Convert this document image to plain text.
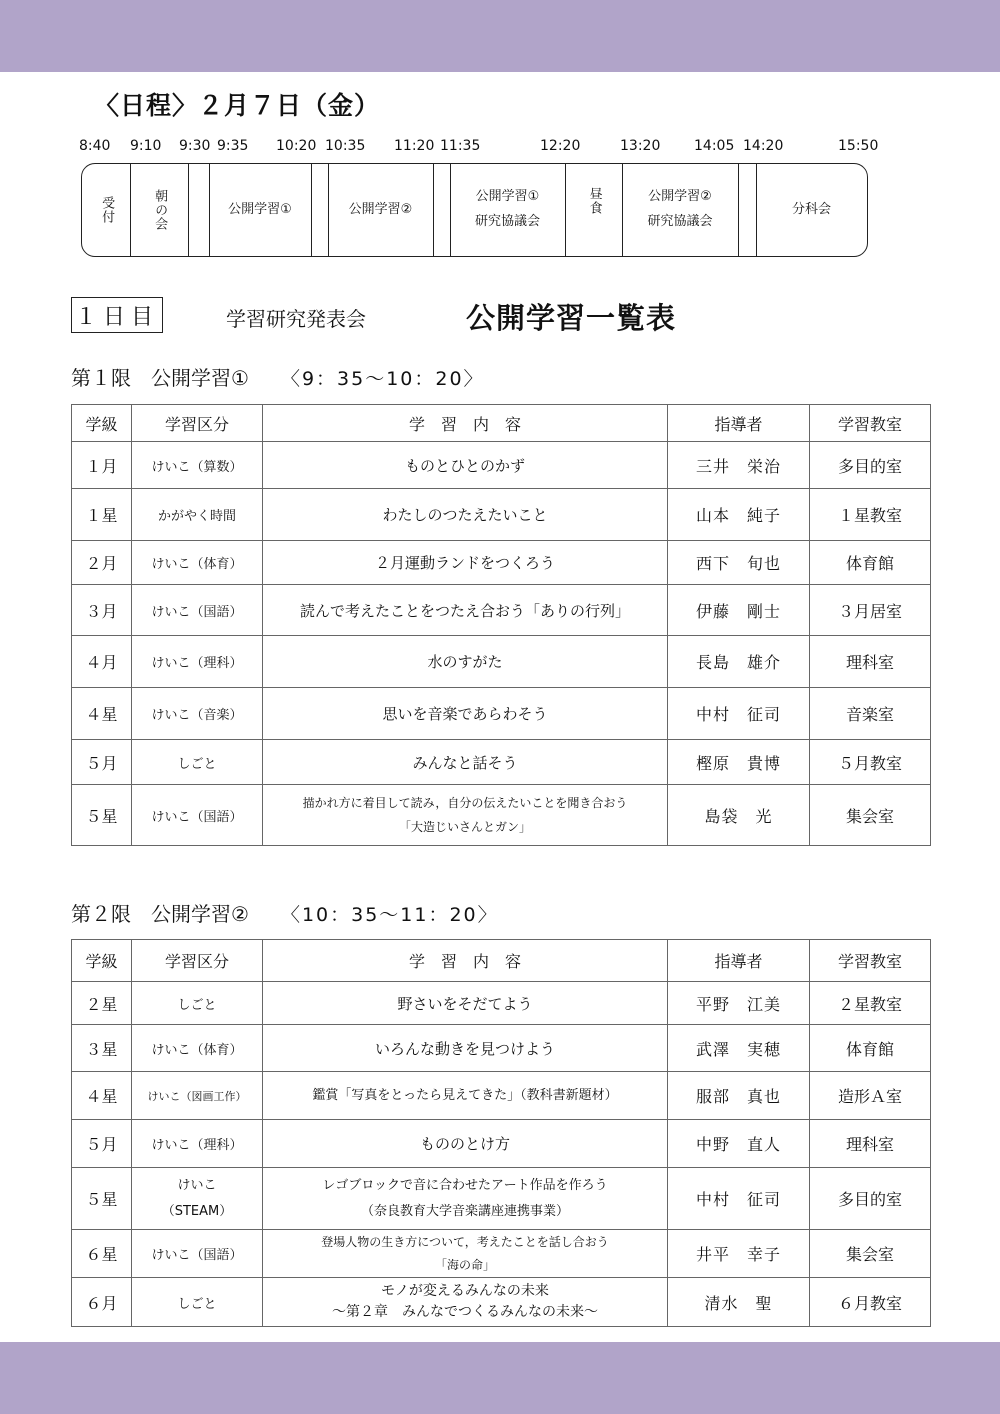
〈日程〉２月７日（金）
8:40 9:10 9:30 9:35 10:20 10:35 11:20 11:35	12:20	13:20 14:05 14:20	15:50
受付	朝の会	公開学習①	公開学習②
公開学習①
研究協議会
昼食	公開学習②
研究協議会
分科会
１日目	学習研究発表会	公開学習一覧表
第１限　公開学習① 〈9：35～10：20〉
学級	学習区分	学　習　内　容	指導者	学習教室
１月	けいこ（算数）	ものとひとのかず	三井　栄治	多目的室
１星	かがやく時間	わたしのつたえたいこと	山本　純子	１星教室
２月	けいこ（体育）	２月運動ランドをつくろう	西下　旬也	体育館
３月	けいこ（国語）	読んで考えたことをつたえ合おう「ありの行列」	伊藤　剛士	３月居室
４月	けいこ（理科）	水のすがた	長島　雄介	理科室
４星	けいこ（音楽）	思いを音楽であらわそう	中村　征司	音楽室
５月	しごと	みんなと話そう	樫原　貴博	５月教室
５星	けいこ（国語）	描かれ方に着目して読み，自分の伝えたいことを聞き合おう
「大造じいさんとガン」	島袋　光	集会室
第２限　公開学習② 〈10：35～11：20〉
学級	学習区分	学　習　内　容	指導者	学習教室
２星	しごと	野さいをそだてよう	平野　江美	２星教室
３星	けいこ（体育）	いろんな動きを見つけよう	武澤　実穂	体育館
４星	けいこ（図画工作）	鑑賞「写真をとったら見えてきた」（教科書新題材）	服部　真也	造形Ａ室
５月	けいこ（理科）	もののとけ方	中野　直人	理科室
５星	けいこ
（STEAM）	レゴブロックで音に合わせたアート作品を作ろう
（奈良教育大学音楽講座連携事業）	中村　征司	多目的室
６星	けいこ（国語）	登場人物の生き方について，考えたことを話し合おう
「海の命」	井平　幸子	集会室
６月	しごと	モノが変えるみんなの未来
～第２章　みんなでつくるみんなの未来～	清水　聖	６月教室
